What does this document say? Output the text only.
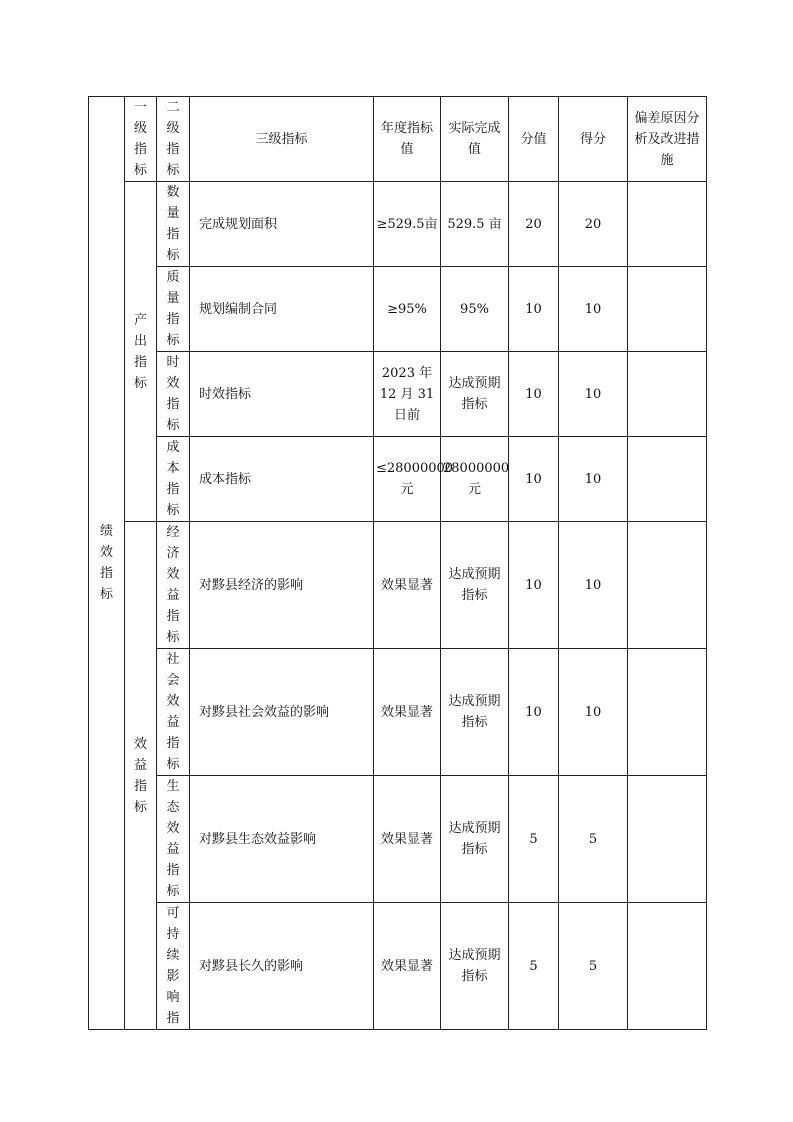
绩效指标	一级指标	二级指标	三级指标	年度指标值	实际完成值	分值	得分	偏差原因分析及改进措施

	产出指标	数量指标	完成规划面积	≥529.5亩	529.5 亩	20	20	

		质量指标	规划编制合同	≥95%	95%	10	10	

		时效指标	时效指标	2023 年 12 月 31 日前	达成预期指标	10	10	

		成本指标	成本指标	≤28000000元	28000000元	10	10	

	效益指标	经济效益指标	对黟县经济的影响	效果显著	达成预期指标	10	10	

		社会效益指标	对黟县社会效益的影响	效果显著	达成预期指标	10	10	

		生态效益指标	对黟县生态效益影响	效果显著	达成预期指标	5	5	

		可持续影响指	对黟县长久的影响	效果显著	达成预期指标	5	5	
